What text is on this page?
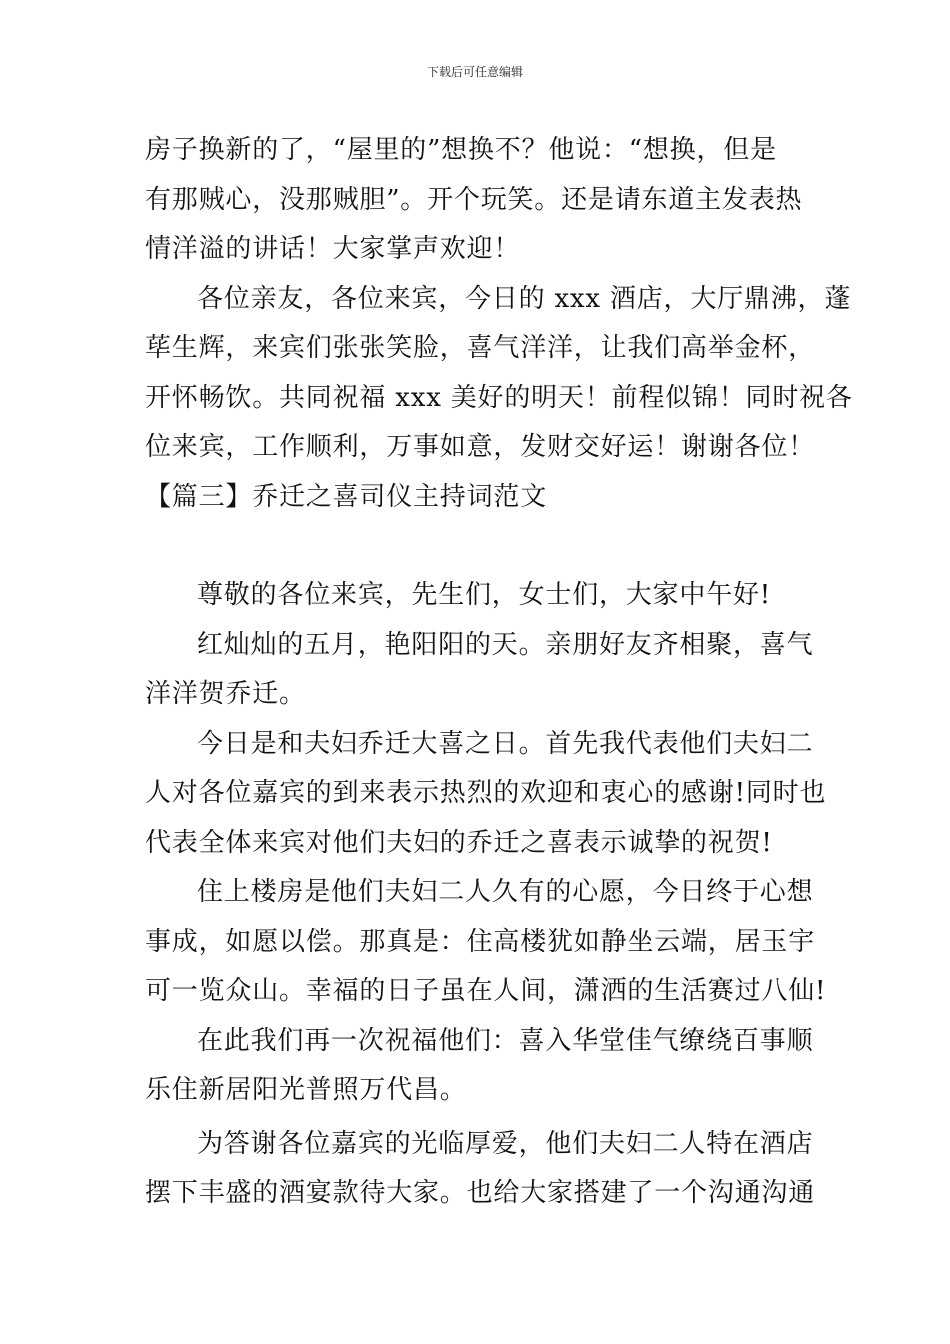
下载后可任意编辑
房子换新的了，“屋里的”想换不？他说：“想换，但是
有那贼心，没那贼胆”。开个玩笑。还是请东道主发表热
情洋溢的讲话！大家掌声欢迎！
各位亲友，各位来宾，今日的 xxx 酒店，大厅鼎沸，蓬
荜生辉，来宾们张张笑脸，喜气洋洋，让我们高举金杯，
开怀畅饮。共同祝福 xxx 美好的明天！前程似锦！同时祝各
位来宾，工作顺利，万事如意，发财交好运！谢谢各位！
【篇三】乔迁之喜司仪主持词范文
尊敬的各位来宾，先生们，女士们，大家中午好!
红灿灿的五月，艳阳阳的天。亲朋好友齐相聚，喜气
洋洋贺乔迁。
今日是和夫妇乔迁大喜之日。首先我代表他们夫妇二
人对各位嘉宾的到来表示热烈的欢迎和衷心的感谢!同时也
代表全体来宾对他们夫妇的乔迁之喜表示诚挚的祝贺!
住上楼房是他们夫妇二人久有的心愿，今日终于心想
事成，如愿以偿。那真是：住高楼犹如静坐云端，居玉宇
可一览众山。幸福的日子虽在人间，潇洒的生活赛过八仙!
在此我们再一次祝福他们：喜入华堂佳气缭绕百事顺
乐住新居阳光普照万代昌。
为答谢各位嘉宾的光临厚爱，他们夫妇二人特在酒店
摆下丰盛的酒宴款待大家。也给大家搭建了一个沟通沟通
